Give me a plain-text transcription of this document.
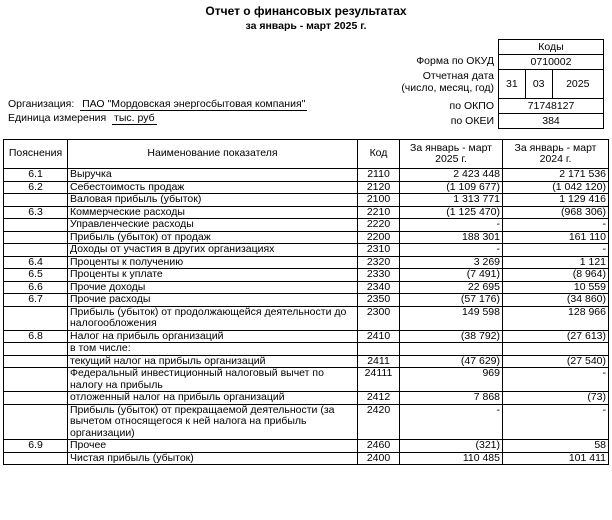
Отчет о финансовых результатах
за январь - март 2025 г.
Коды
0710002
31	03	2025
71748127
384
Форма по ОКУД
Отчетная дата
(число, месяц, год)
по ОКПО
по ОКЕИ
Организация: ПАО "Мордовская энергосбытовая компания"
Единица измерения тыс. руб
Пояснения	Наименование показателя	Код	За январь - март 2025 г.	За январь - март 2024 г.
6.1	Выручка	2110	2 423 448	2 171 536
6.2	Себестоимость продаж	2120	(1 109 677)	(1 042 120)
	Валовая прибыль (убыток)	2100	1 313 771	1 129 416
6.3	Коммерческие расходы	2210	(1 125 470)	(968 306)
	Управленческие расходы	2220	-	-
	Прибыль (убыток) от продаж	2200	188 301	161 110
	Доходы от участия в других организациях	2310	-	-
6.4	Проценты к получению	2320	3 269	1 121
6.5	Проценты к уплате	2330	(7 491)	(8 964)
6.6	Прочие доходы	2340	22 695	10 559
6.7	Прочие расходы	2350	(57 176)	(34 860)
	Прибыль (убыток) от продолжающейся деятельности до налогообложения	2300	149 598	128 966
6.8	Налог на прибыль организаций	2410	(38 792)	(27 613)
	в том числе:			
	текущий налог на прибыль организаций	2411	(47 629)	(27 540)
	Федеральный инвестиционный налоговый вычет по налогу на прибыль	24111	969	-
	отложенный налог на прибыль организаций	2412	7 868	(73)
	Прибыль (убыток) от прекращаемой деятельности (за вычетом относящегося к ней налога на прибыль организации)	2420	-	-
6.9	Прочее	2460	(321)	58
	Чистая прибыль (убыток)	2400	110 485	101 411
